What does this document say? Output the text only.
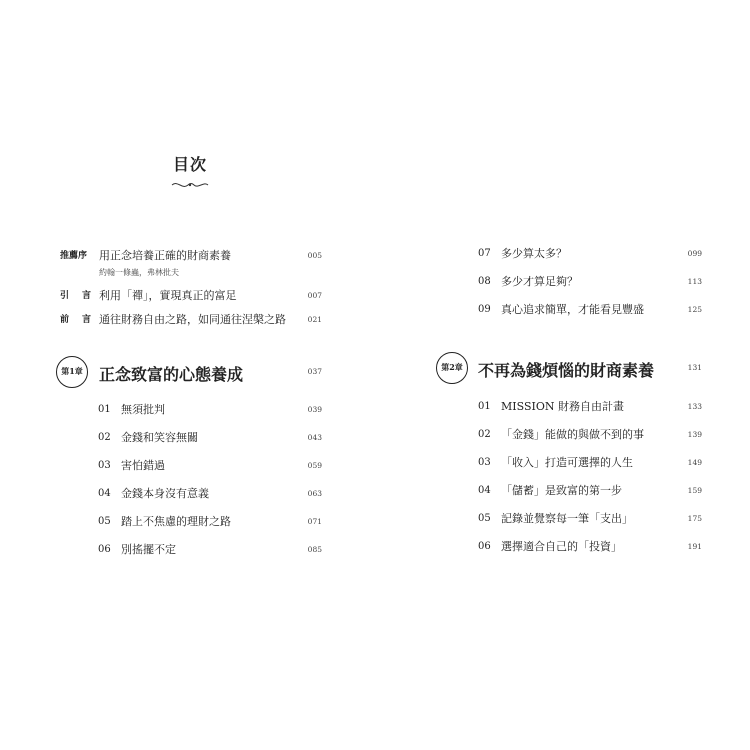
目次
推薦序 用正念培養正確的財商素養	005
約翰一條蟲，弗林批夫
引　言 利用「禪」，實現真正的富足	007
前　言 通往財務自由之路，如同通往涅槃之路	021
第1章	正念致富的心態養成	037
01 無須批判	039
02 金錢和笑容無關	043
03 害怕錯過	059
04 金錢本身沒有意義	063
05 踏上不焦慮的理財之路	071
06 別搖擺不定	085
07 多少算太多？	099
08 多少才算足夠？	113
09 真心追求簡單，才能看見豐盛	125
第2章 不再為錢煩惱的財商素養	131
01 MISSION 財務自由計畫	133
02 「金錢」能做的與做不到的事	139
03 「收入」打造可選擇的人生	149
04 「儲蓄」是致富的第一步	159
05 記錄並覺察每一筆「支出」	175
06 選擇適合自己的「投資」	191
